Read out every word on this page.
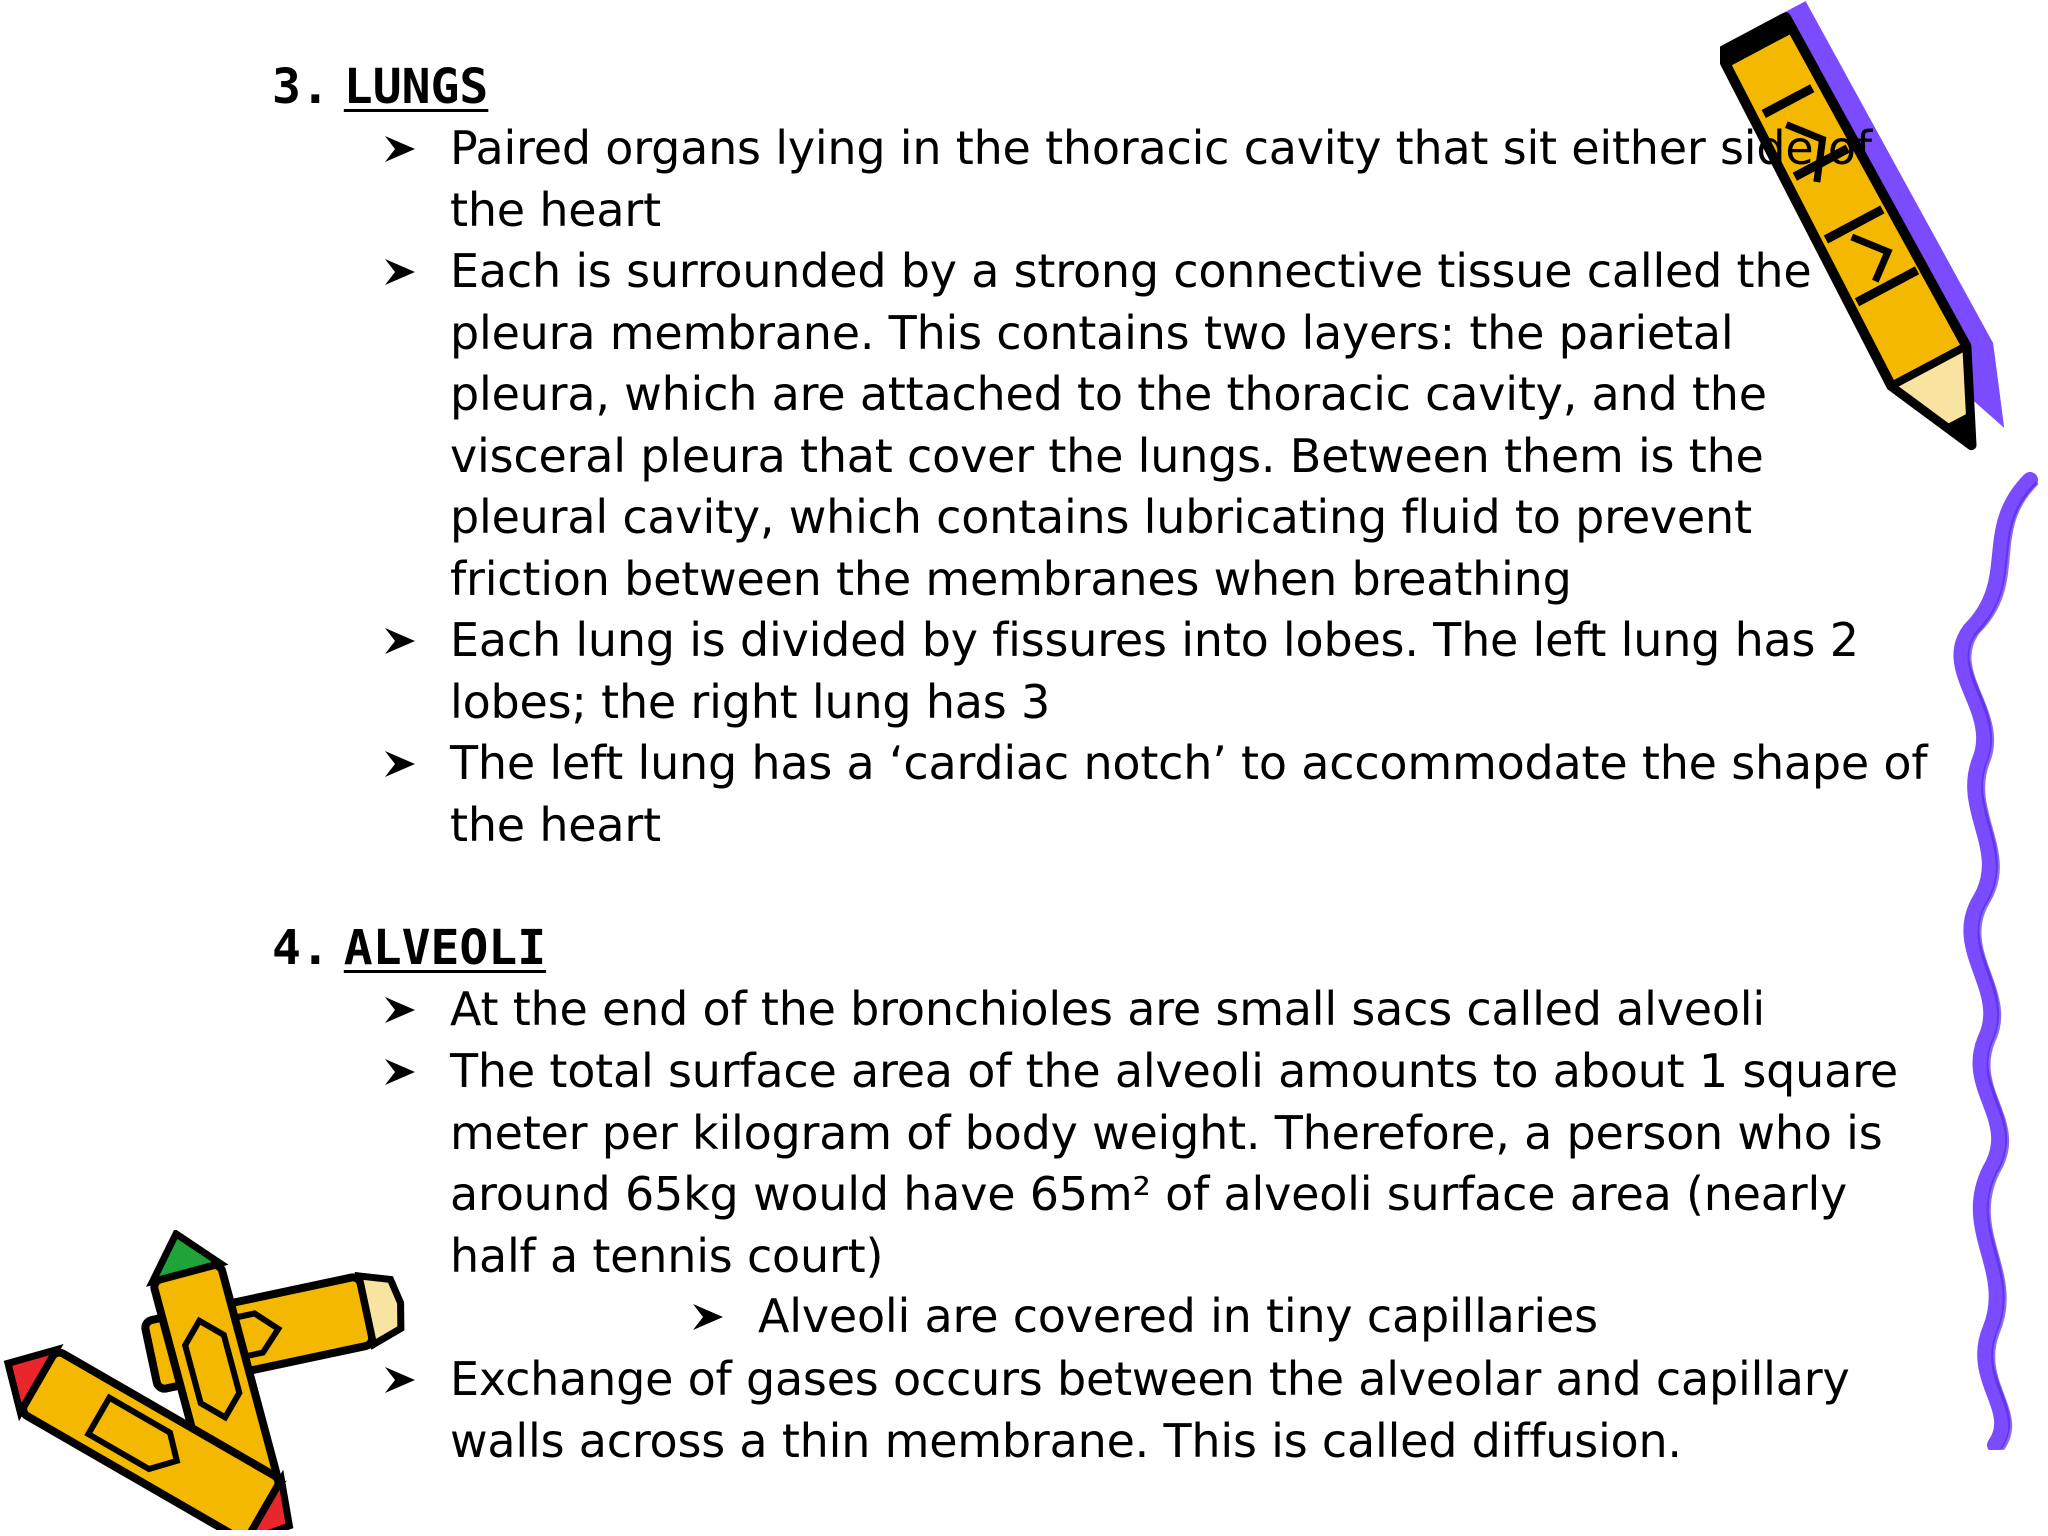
3. LUNGS
Paired organs lying in the thoracic cavity that sit either side of the heart
Each is surrounded by a strong connective tissue called the pleura membrane. This contains two layers: the parietal pleura, which are attached to the thoracic cavity, and the visceral pleura that cover the lungs. Between them is the pleural cavity, which contains lubricating fluid to prevent friction between the membranes when breathing
Each lung is divided by fissures into lobes. The left lung has 2 lobes; the right lung has 3
The left lung has a ‘cardiac notch’ to accommodate the shape of the heart
4. ALVEOLI
At the end of the bronchioles are small sacs called alveoli
The total surface area of the alveoli amounts to about 1 square meter per kilogram of body weight. Therefore, a person who is around 65kg would have 65m² of alveoli surface area (nearly half a tennis court)
Alveoli are covered in tiny capillaries
Exchange of gases occurs between the alveolar and capillary walls across a thin membrane. This is called diffusion.
